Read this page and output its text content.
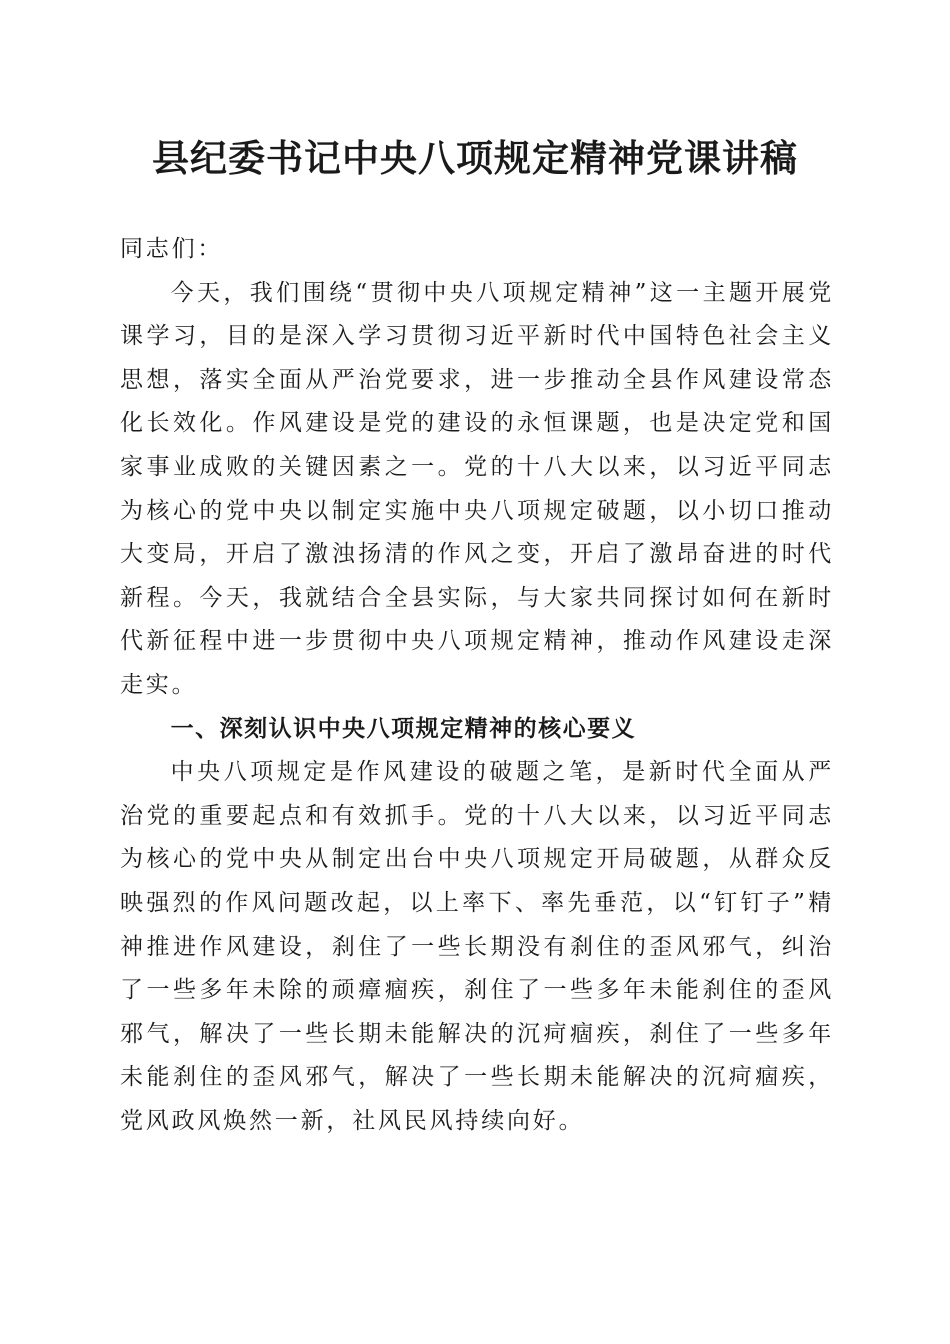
县纪委书记中央八项规定精神党课讲稿

同志们：

今天，我们围绕“贯彻中央八项规定精神”这一主题开展党课学习，目的是深入学习贯彻习近平新时代中国特色社会主义思想，落实全面从严治党要求，进一步推动全县作风建设常态化长效化。作风建设是党的建设的永恒课题，也是决定党和国家事业成败的关键因素之一。党的十八大以来，以习近平同志为核心的党中央以制定实施中央八项规定破题，以小切口推动大变局，开启了激浊扬清的作风之变，开启了激昂奋进的时代新程。今天，我就结合全县实际，与大家共同探讨如何在新时代新征程中进一步贯彻中央八项规定精神，推动作风建设走深走实。

一、深刻认识中央八项规定精神的核心要义

中央八项规定是作风建设的破题之笔，是新时代全面从严治党的重要起点和有效抓手。党的十八大以来，以习近平同志为核心的党中央从制定出台中央八项规定开局破题，从群众反映强烈的作风问题改起，以上率下、率先垂范，以“钉钉子”精神推进作风建设，刹住了一些长期没有刹住的歪风邪气，纠治了一些多年未除的顽瘴痼疾，刹住了一些多年未能刹住的歪风邪气，解决了一些长期未能解决的沉疴痼疾，刹住了一些多年未能刹住的歪风邪气，解决了一些长期未能解决的沉疴痼疾，党风政风焕然一新，社风民风持续向好。
